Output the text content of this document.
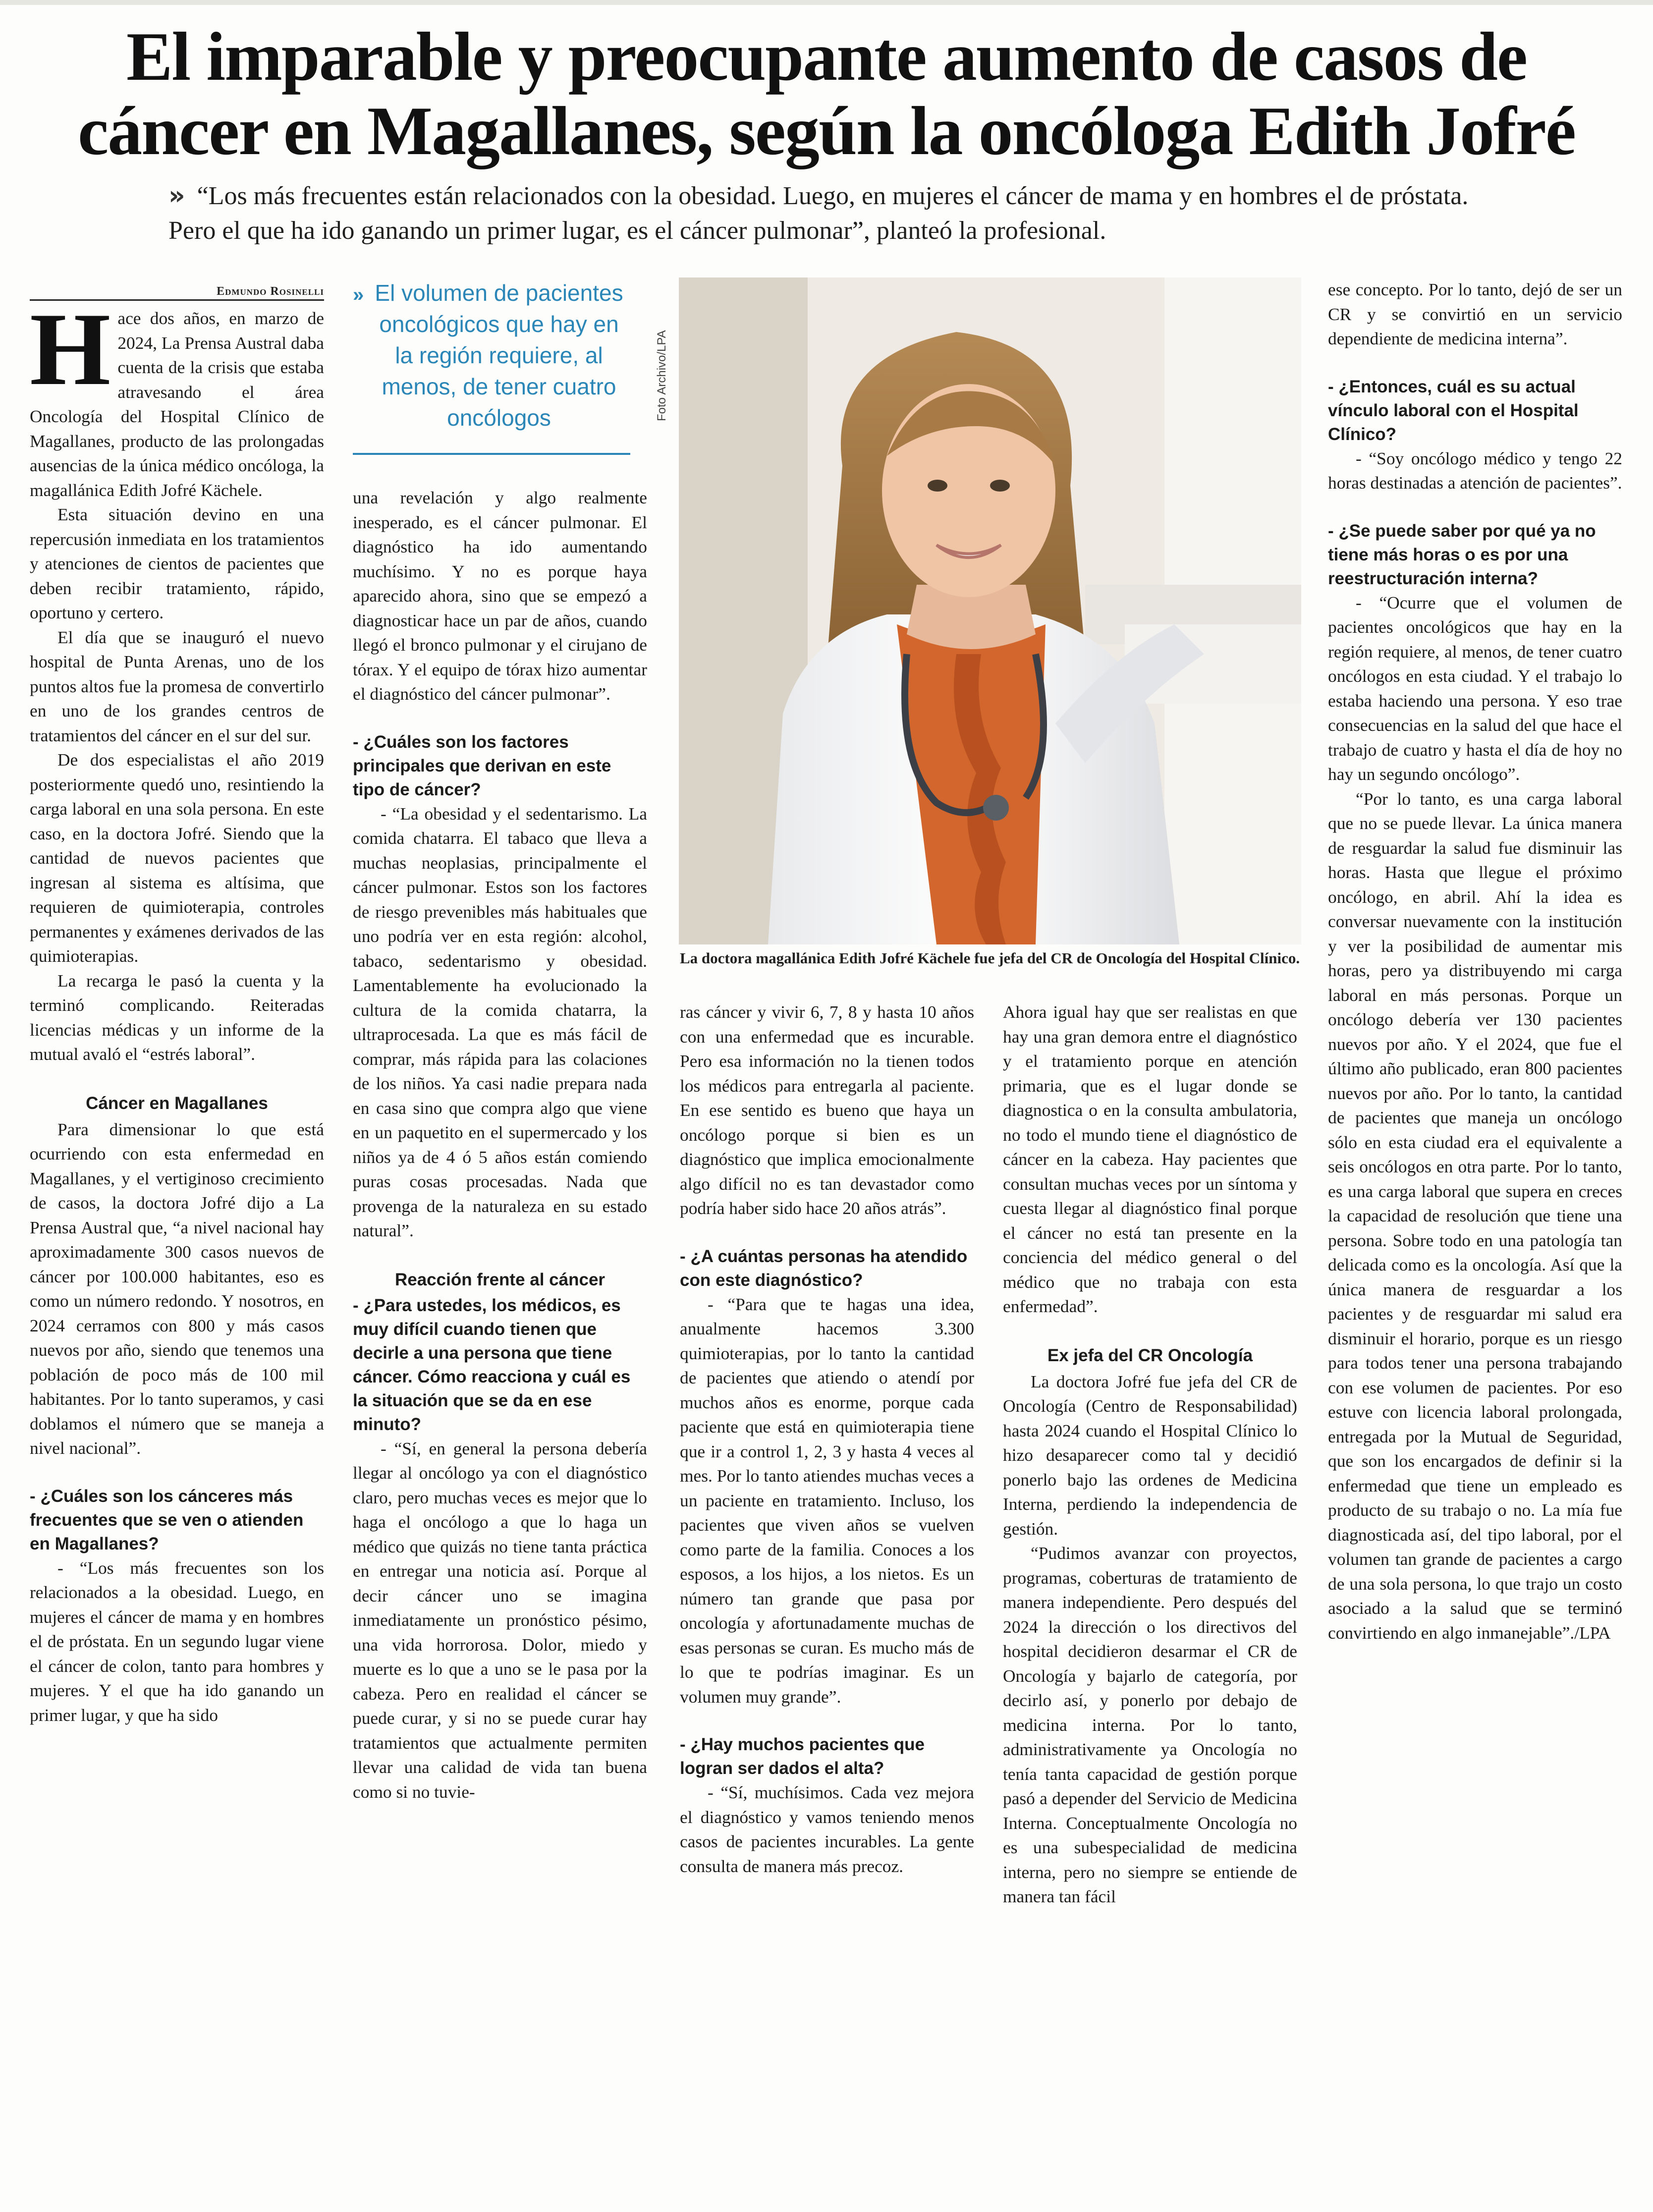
El imparable y preocupante aumento de casos de
cáncer en Magallanes, según la oncóloga Edith Jofré

» “Los más frecuentes están relacionados con la obesidad. Luego, en mujeres el cáncer de mama y en hombres el de próstata. Pero el que ha ido ganando un primer lugar, es el cáncer pulmonar”, planteó la profesional.

Edmundo Rosinelli

Hace dos años, en marzo de 2024, La Prensa Austral daba cuenta de la crisis que estaba atravesando el área Oncología del Hospital Clínico de Magallanes, producto de las prolongadas ausencias de la única médico oncóloga, la magallánica Edith Jofré Kächele.

Esta situación devino en una repercusión inmediata en los tratamientos y atenciones de cientos de pacientes que deben recibir tratamiento, rápido, oportuno y certero.

El día que se inauguró el nuevo hospital de Punta Arenas, uno de los puntos altos fue la promesa de convertirlo en uno de los grandes centros de tratamientos del cáncer en el sur del sur.

De dos especialistas el año 2019 posteriormente quedó uno, resintiendo la carga laboral en una sola persona. En este caso, en la doctora Jofré. Siendo que la cantidad de nuevos pacientes que ingresan al sistema es altísima, que requieren de quimioterapia, controles permanentes y exámenes derivados de las quimioterapias.

La recarga le pasó la cuenta y la terminó complicando. Reiteradas licencias médicas y un informe de la mutual avaló el “estrés laboral”.

Cáncer en Magallanes

Para dimensionar lo que está ocurriendo con esta enfermedad en Magallanes, y el vertiginoso crecimiento de casos, la doctora Jofré dijo a La Prensa Austral que, “a nivel nacional hay aproximadamente 300 casos nuevos de cáncer por 100.000 habitantes, eso es como un número redondo. Y nosotros, en 2024 cerramos con 800 y más casos nuevos por año, siendo que tenemos una población de poco más de 100 mil habitantes. Por lo tanto superamos, y casi doblamos el número que se maneja a nivel nacional”.

- ¿Cuáles son los cánceres más frecuentes que se ven o atienden en Magallanes?

- “Los más frecuentes son los relacionados a la obesidad. Luego, en mujeres el cáncer de mama y en hombres el de próstata. En un segundo lugar viene el cáncer de colon, tanto para hombres y mujeres. Y el que ha ido ganando un primer lugar, y que ha sido

» El volumen de pacientes oncológicos que hay en la región requiere, al menos, de tener cuatro oncólogos

una revelación y algo realmente inesperado, es el cáncer pulmonar. El diagnóstico ha ido aumentando muchísimo. Y no es porque haya aparecido ahora, sino que se empezó a diagnosticar hace un par de años, cuando llegó el bronco pulmonar y el cirujano de tórax. Y el equipo de tórax hizo aumentar el diagnóstico del cáncer pulmonar”.

- ¿Cuáles son los factores principales que derivan en este tipo de cáncer?

- “La obesidad y el sedentarismo. La comida chatarra. El tabaco que lleva a muchas neoplasias, principalmente el cáncer pulmonar. Estos son los factores de riesgo prevenibles más habituales que uno podría ver en esta región: alcohol, tabaco, sedentarismo y obesidad. Lamentablemente ha evolucionado la cultura de la comida chatarra, la ultraprocesada. La que es más fácil de comprar, más rápida para las colaciones de los niños. Ya casi nadie prepara nada en casa sino que compra algo que viene en un paquetito en el supermercado y los niños ya de 4 ó 5 años están comiendo puras cosas procesadas. Nada que provenga de la naturaleza en su estado natural”.

Reacción frente al cáncer

- ¿Para ustedes, los médicos, es muy difícil cuando tienen que decirle a una persona que tiene cáncer. Cómo reacciona y cuál es la situación que se da en ese minuto?

- “Sí, en general la persona debería llegar al oncólogo ya con el diagnóstico claro, pero muchas veces es mejor que lo haga el oncólogo a que lo haga un médico que quizás no tiene tanta práctica en entregar una noticia así. Porque al decir cáncer uno se imagina inmediatamente un pronóstico pésimo, una vida horrorosa. Dolor, miedo y muerte es lo que a uno se le pasa por la cabeza. Pero en realidad el cáncer se puede curar, y si no se puede curar hay tratamientos que actualmente permiten llevar una calidad de vida tan buena como si no tuvie-

Foto Archivo/LPA

La doctora magallánica Edith Jofré Kächele fue jefa del CR de Oncología del Hospital Clínico.

ras cáncer y vivir 6, 7, 8 y hasta 10 años con una enfermedad que es incurable. Pero esa información no la tienen todos los médicos para entregarla al paciente. En ese sentido es bueno que haya un oncólogo porque si bien es un diagnóstico que implica emocionalmente algo difícil no es tan devastador como podría haber sido hace 20 años atrás”.

- ¿A cuántas personas ha atendido con este diagnóstico?

- “Para que te hagas una idea, anualmente hacemos 3.300 quimioterapias, por lo tanto la cantidad de pacientes que atiendo o atendí por muchos años es enorme, porque cada paciente que está en quimioterapia tiene que ir a control 1, 2, 3 y hasta 4 veces al mes. Por lo tanto atiendes muchas veces a un paciente en tratamiento. Incluso, los pacientes que viven años se vuelven como parte de la familia. Conoces a los esposos, a los hijos, a los nietos. Es un número tan grande que pasa por oncología y afortunadamente muchas de esas personas se curan. Es mucho más de lo que te podrías imaginar. Es un volumen muy grande”.

- ¿Hay muchos pacientes que logran ser dados el alta?

- “Sí, muchísimos. Cada vez mejora el diagnóstico y vamos teniendo menos casos de pacientes incurables. La gente consulta de manera más precoz.

Ahora igual hay que ser realistas en que hay una gran demora entre el diagnóstico y el tratamiento porque en atención primaria, que es el lugar donde se diagnostica o en la consulta ambulatoria, no todo el mundo tiene el diagnóstico de cáncer en la cabeza. Hay pacientes que consultan muchas veces por un síntoma y cuesta llegar al diagnóstico final porque el cáncer no está tan presente en la conciencia del médico general o del médico que no trabaja con esta enfermedad”.

Ex jefa del CR Oncología

La doctora Jofré fue jefa del CR de Oncología (Centro de Responsabilidad) hasta 2024 cuando el Hospital Clínico lo hizo desaparecer como tal y decidió ponerlo bajo las ordenes de Medicina Interna, perdiendo la independencia de gestión.

“Pudimos avanzar con proyectos, programas, coberturas de tratamiento de manera independiente. Pero después del 2024 la dirección o los directivos del hospital decidieron desarmar el CR de Oncología y bajarlo de categoría, por decirlo así, y ponerlo por debajo de medicina interna. Por lo tanto, administrativamente ya Oncología no tenía tanta capacidad de gestión porque pasó a depender del Servicio de Medicina Interna. Conceptualmente Oncología no es una subespecialidad de medicina interna, pero no siempre se entiende de manera tan fácil

ese concepto. Por lo tanto, dejó de ser un CR y se convirtió en un servicio dependiente de medicina interna”.

- ¿Entonces, cuál es su actual vínculo laboral con el Hospital Clínico?

- “Soy oncólogo médico y tengo 22 horas destinadas a atención de pacientes”.

- ¿Se puede saber por qué ya no tiene más horas o es por una reestructuración interna?

- “Ocurre que el volumen de pacientes oncológicos que hay en la región requiere, al menos, de tener cuatro oncólogos en esta ciudad. Y el trabajo lo estaba haciendo una persona. Y eso trae consecuencias en la salud del que hace el trabajo de cuatro y hasta el día de hoy no hay un segundo oncólogo”.

“Por lo tanto, es una carga laboral que no se puede llevar. La única manera de resguardar la salud fue disminuir las horas. Hasta que llegue el próximo oncólogo, en abril. Ahí la idea es conversar nuevamente con la institución y ver la posibilidad de aumentar mis horas, pero ya distribuyendo mi carga laboral en más personas. Porque un oncólogo debería ver 130 pacientes nuevos por año. Y el 2024, que fue el último año publicado, eran 800 pacientes nuevos por año. Por lo tanto, la cantidad de pacientes que maneja un oncólogo sólo en esta ciudad era el equivalente a seis oncólogos en otra parte. Por lo tanto, es una carga laboral que supera en creces la capacidad de resolución que tiene una persona. Sobre todo en una patología tan delicada como es la oncología. Así que la única manera de resguardar a los pacientes y de resguardar mi salud era disminuir el horario, porque es un riesgo para todos tener una persona trabajando con ese volumen de pacientes. Por eso estuve con licencia laboral prolongada, entregada por la Mutual de Seguridad, que son los encargados de definir si la enfermedad que tiene un empleado es producto de su trabajo o no. La mía fue diagnosticada así, del tipo laboral, por el volumen tan grande de pacientes a cargo de una sola persona, lo que trajo un costo asociado a la salud que se terminó convirtiendo en algo inmanejable”./LPA
